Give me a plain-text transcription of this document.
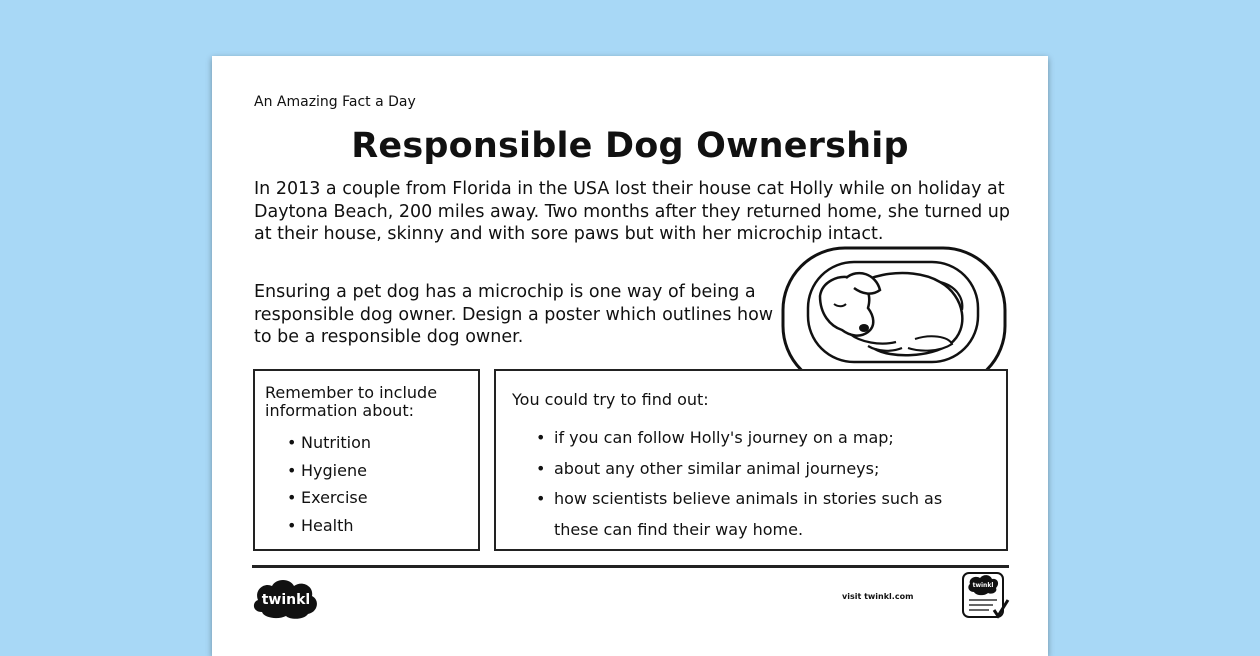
An Amazing Fact a Day
Responsible Dog Ownership
In 2013 a couple from Florida in the USA lost their house cat Holly while on holiday at Daytona Beach, 200 miles away. Two months after they returned home, she turned up at their house, skinny and with sore paws but with her microchip intact.
Ensuring a pet dog has a microchip is one way of being a responsible dog owner. Design a poster which outlines how to be a responsible dog owner.
Remember to include information about:
• Nutrition
• Hygiene
• Exercise
• Health
You could try to find out:
• if you can follow Holly's journey on a map;
• about any other similar animal journeys;
• how scientists believe animals in stories such as these can find their way home.
twinkl	visit twinkl.com
twinkl
